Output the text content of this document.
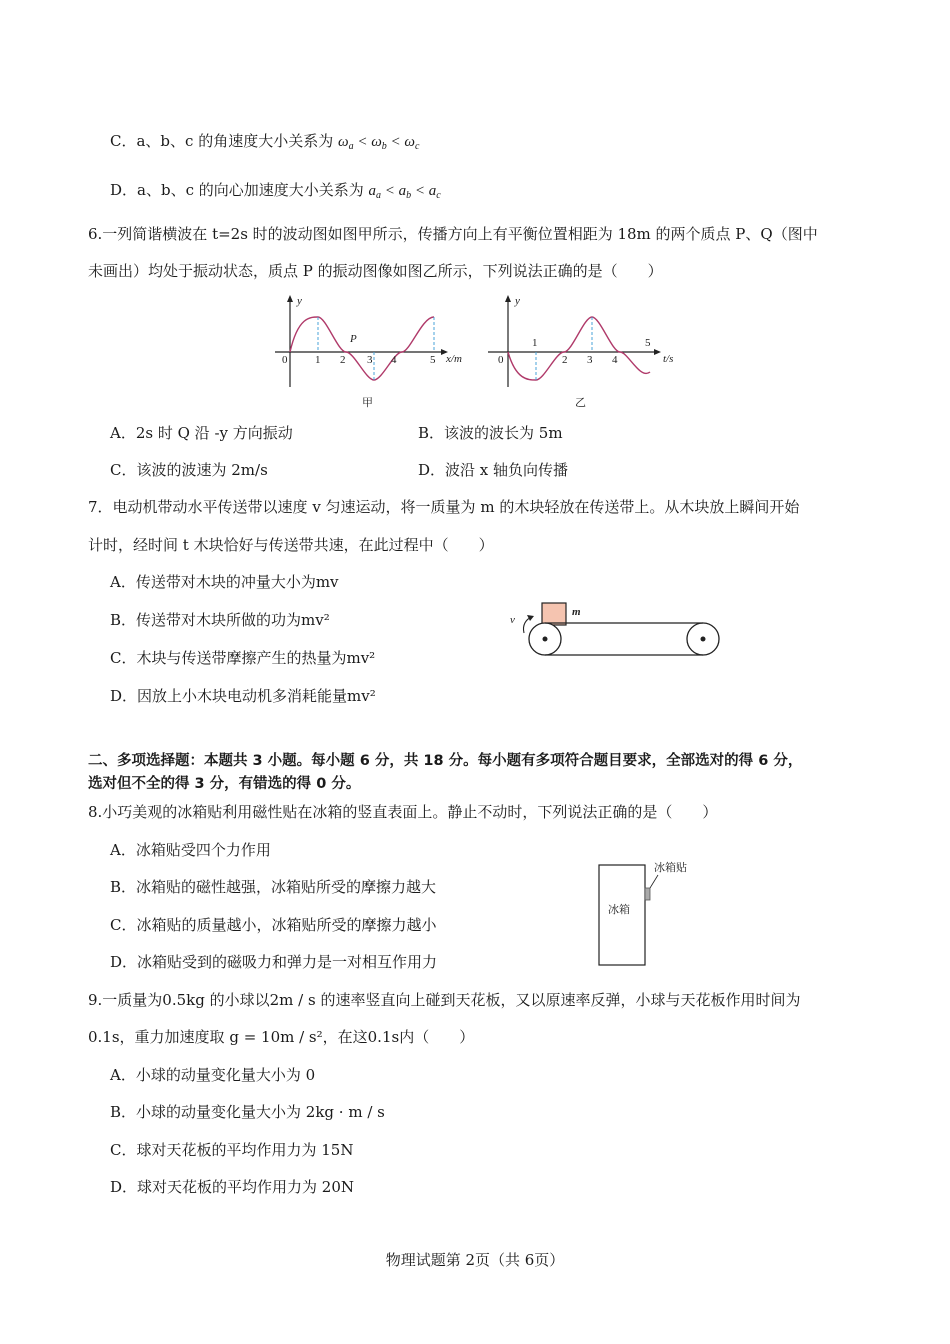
C．a、b、c 的角速度大小关系为 $\omega_a < \omega_b < \omega_c$
D．a、b、c 的向心加速度大小关系为 $a_a < a_b < a_c$
6.一列简谐横波在 t=2s 时的波动图如图甲所示，传播方向上有平衡位置相距为 18m 的两个质点 P、Q（图中
未画出）均处于振动状态，质点 P 的振动图像如图乙所示，下列说法正确的是（　　）
y
0	1 2 3 4	5 x/m
P
甲
y
0
1
2 3 4
5
t/s
乙
A．2s 时 Q 沿 -y 方向振动	B．该波的波长为 5m
C．该波的波速为 2m/s	D．波沿 x 轴负向传播
7．电动机带动水平传送带以速度 v 匀速运动，将一质量为 m 的木块轻放在传送带上。从木块放上瞬间开始
计时，经时间 t 木块恰好与传送带共速，在此过程中（　　）
A．传送带对木块的冲量大小为mv
B．传送带对木块所做的功为mv²
C．木块与传送带摩擦产生的热量为mv²
D．因放上小木块电动机多消耗能量mv²
v
m
二、多项选择题：本题共 3 小题。每小题 6 分，共 18 分。每小题有多项符合题目要求，全部选对的得 6 分，
选对但不全的得 3 分，有错选的得 0 分。
8.小巧美观的冰箱贴利用磁性贴在冰箱的竖直表面上。静止不动时，下列说法正确的是（　　）
A．冰箱贴受四个力作用
B．冰箱贴的磁性越强，冰箱贴所受的摩擦力越大
C．冰箱贴的质量越小，冰箱贴所受的摩擦力越小
D．冰箱贴受到的磁吸力和弹力是一对相互作用力
冰箱
冰箱贴
9.一质量为0.5kg 的小球以2m / s 的速率竖直向上碰到天花板，又以原速率反弹，小球与天花板作用时间为
0.1s，重力加速度取 g = 10m / s²，在这0.1s内（　　）
A．小球的动量变化量大小为 0
B．小球的动量变化量大小为 2kg · m / s
C．球对天花板的平均作用力为 15N
D．球对天花板的平均作用力为 20N
物理试题第 2页（共 6页）
